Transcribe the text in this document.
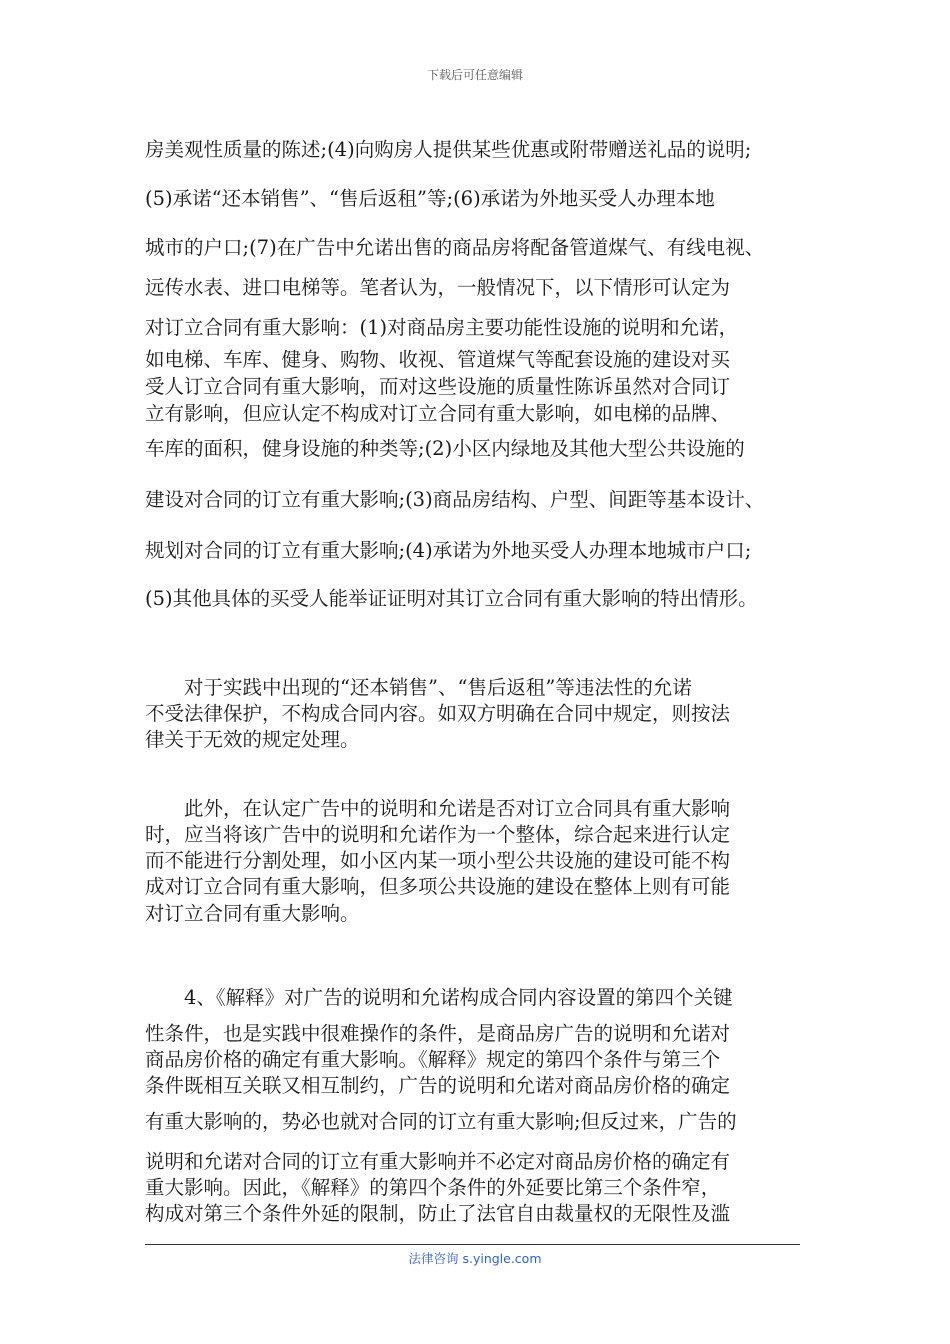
下载后可任意编辑
房美观性质量的陈述;(4)向购房人提供某些优惠或附带赠送礼品的说明;
(5)承诺“还本销售”、“售后返租”等;(6)承诺为外地买受人办理本地
城市的户口;(7)在广告中允诺出售的商品房将配备管道煤气、有线电视、
远传水表、进口电梯等。笔者认为，一般情况下，以下情形可认定为
对订立合同有重大影响：(1)对商品房主要功能性设施的说明和允诺，
如电梯、车库、健身、购物、收视、管道煤气等配套设施的建设对买
受人订立合同有重大影响，而对这些设施的质量性陈诉虽然对合同订
立有影响，但应认定不构成对订立合同有重大影响，如电梯的品牌、
车库的面积，健身设施的种类等;(2)小区内绿地及其他大型公共设施的
建设对合同的订立有重大影响;(3)商品房结构、户型、间距等基本设计、
规划对合同的订立有重大影响;(4)承诺为外地买受人办理本地城市户口;
(5)其他具体的买受人能举证证明对其订立合同有重大影响的特出情形。
　　对于实践中出现的“还本销售”、“售后返租”等违法性的允诺
不受法律保护，不构成合同内容。如双方明确在合同中规定，则按法
律关于无效的规定处理。
　　此外，在认定广告中的说明和允诺是否对订立合同具有重大影响
时，应当将该广告中的说明和允诺作为一个整体，综合起来进行认定
而不能进行分割处理，如小区内某一项小型公共设施的建设可能不构
成对订立合同有重大影响，但多项公共设施的建设在整体上则有可能
对订立合同有重大影响。
　　4、《解释》对广告的说明和允诺构成合同内容设置的第四个关键
性条件，也是实践中很难操作的条件，是商品房广告的说明和允诺对
商品房价格的确定有重大影响。《解释》规定的第四个条件与第三个
条件既相互关联又相互制约，广告的说明和允诺对商品房价格的确定
有重大影响的，势必也就对合同的订立有重大影响;但反过来，广告的
说明和允诺对合同的订立有重大影响并不必定对商品房价格的确定有
重大影响。因此，《解释》的第四个条件的外延要比第三个条件窄，
构成对第三个条件外延的限制，防止了法官自由裁量权的无限性及滥
法律咨询 s.yingle.com
